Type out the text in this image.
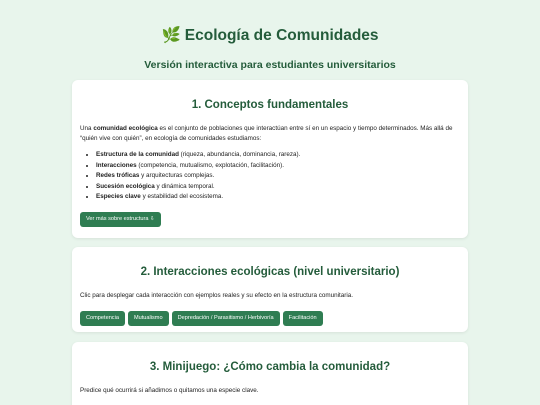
🌿 Ecología de Comunidades
Versión interactiva para estudiantes universitarios
1. Conceptos fundamentales

Una comunidad ecológica es el conjunto de poblaciones que interactúan entre sí en un espacio y tiempo determinados. Más allá de “quién vive con quién”, en ecología de comunidades estudiamos:

• Estructura de la comunidad (riqueza, abundancia, dominancia, rareza).
• Interacciones (competencia, mutualismo, explotación, facilitación).
• Redes tróficas y arquitecturas complejas.
• Sucesión ecológica y dinámica temporal.
• Especies clave y estabilidad del ecosistema.
Ver más sobre estructura ⇩
2. Interacciones ecológicas (nivel universitario)

Clic para desplegar cada interacción con ejemplos reales y su efecto en la estructura comunitaria.

Competencia	Mutualismo	Depredación / Parasitismo / Herbivoría	Facilitación
3. Minijuego: ¿Cómo cambia la comunidad?

Predice qué ocurrirá si añadimos o quitamos una especie clave.
